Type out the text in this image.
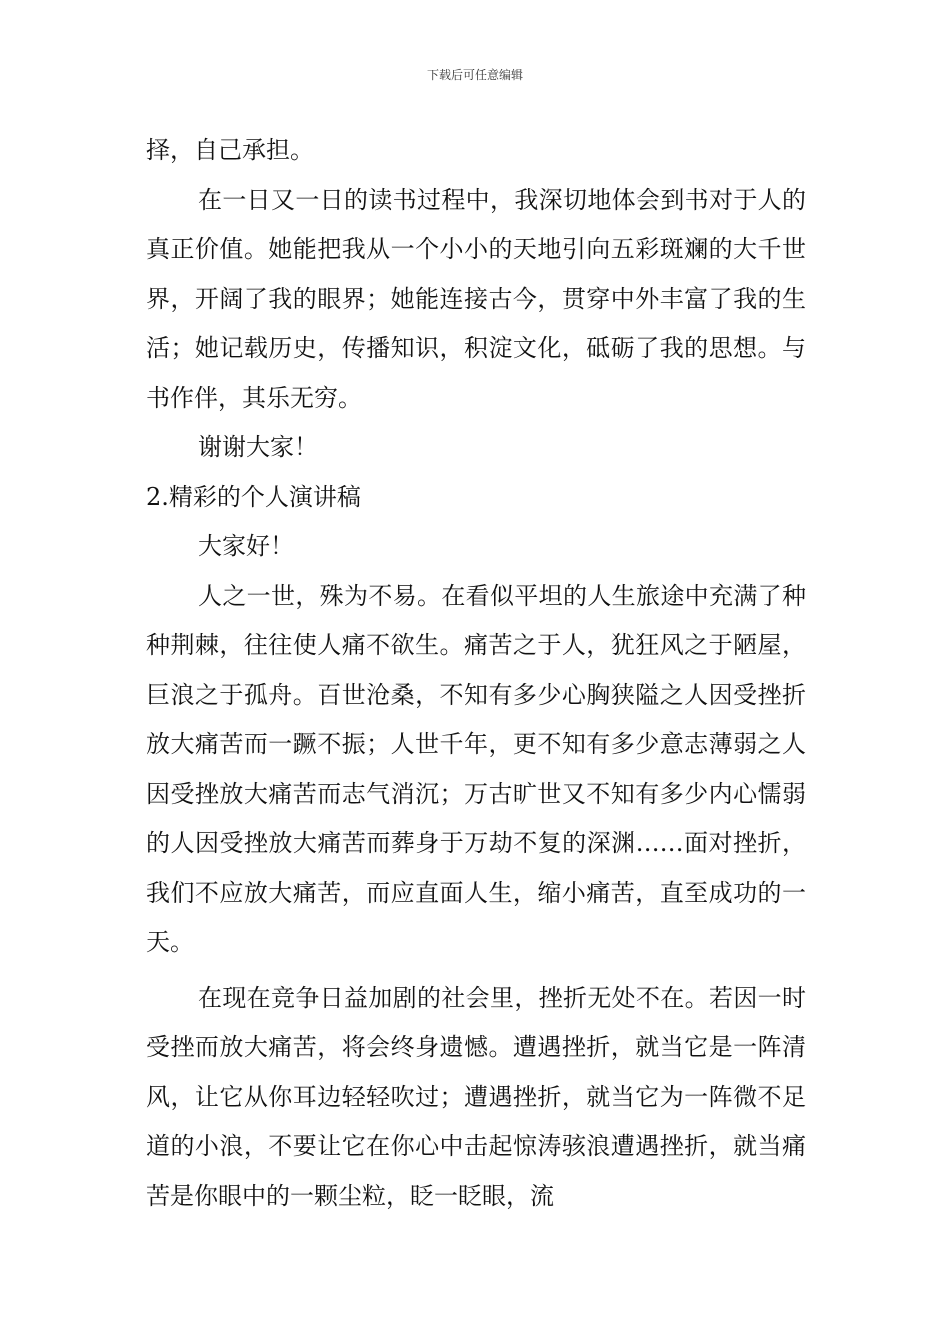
下载后可任意编辑

择，自己承担。

在一日又一日的读书过程中，我深切地体会到书对于人的真正价值。她能把我从一个小小的天地引向五彩斑斓的大千世界，开阔了我的眼界；她能连接古今，贯穿中外丰富了我的生活；她记载历史，传播知识，积淀文化，砥砺了我的思想。与书作伴，其乐无穷。

谢谢大家！

2.精彩的个人演讲稿

大家好！

人之一世，殊为不易。在看似平坦的人生旅途中充满了种种荆棘，往往使人痛不欲生。痛苦之于人，犹狂风之于陋屋，巨浪之于孤舟。百世沧桑，不知有多少心胸狭隘之人因受挫折放大痛苦而一蹶不振；人世千年，更不知有多少意志薄弱之人因受挫放大痛苦而志气消沉；万古旷世又不知有多少内心懦弱的人因受挫放大痛苦而葬身于万劫不复的深渊……面对挫折，我们不应放大痛苦，而应直面人生，缩小痛苦，直至成功的一天。

在现在竞争日益加剧的社会里，挫折无处不在。若因一时受挫而放大痛苦，将会终身遗憾。遭遇挫折，就当它是一阵清风，让它从你耳边轻轻吹过；遭遇挫折，就当它为一阵微不足道的小浪，不要让它在你心中击起惊涛骇浪遭遇挫折，就当痛苦是你眼中的一颗尘粒，眨一眨眼，流
